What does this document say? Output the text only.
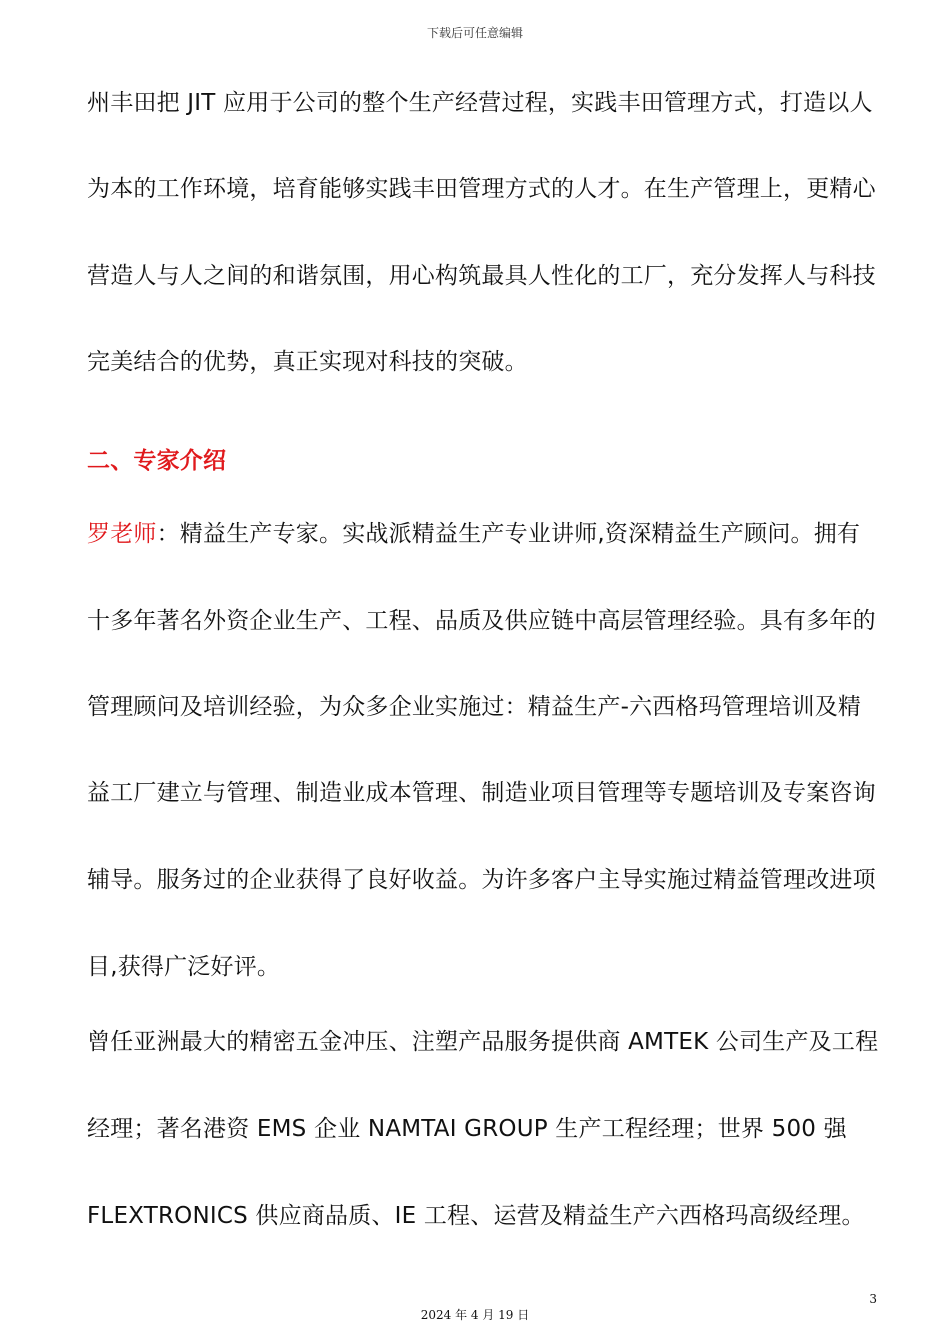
下载后可任意编辑
州丰田把 JIT 应用于公司的整个生产经营过程，实践丰田管理方式，打造以人
为本的工作环境，培育能够实践丰田管理方式的人才。在生产管理上，更精心
营造人与人之间的和谐氛围，用心构筑最具人性化的工厂，充分发挥人与科技
完美结合的优势，真正实现对科技的突破。
二、专家介绍
罗老师：精益生产专家。实战派精益生产专业讲师,资深精益生产顾问。拥有
十多年著名外资企业生产、工程、品质及供应链中高层管理经验。具有多年的
管理顾问及培训经验，为众多企业实施过：精益生产-六西格玛管理培训及精
益工厂建立与管理、制造业成本管理、制造业项目管理等专题培训及专案咨询
辅导。服务过的企业获得了良好收益。为许多客户主导实施过精益管理改进项
目,获得广泛好评。
曾任亚洲最大的精密五金冲压、注塑产品服务提供商 AMTEK 公司生产及工程
经理；著名港资 EMS 企业 NAMTAI GROUP 生产工程经理；世界 500 强
FLEXTRONICS 供应商品质、IE 工程、运营及精益生产六西格玛高级经理。
3
2024 年 4 月 19 日
